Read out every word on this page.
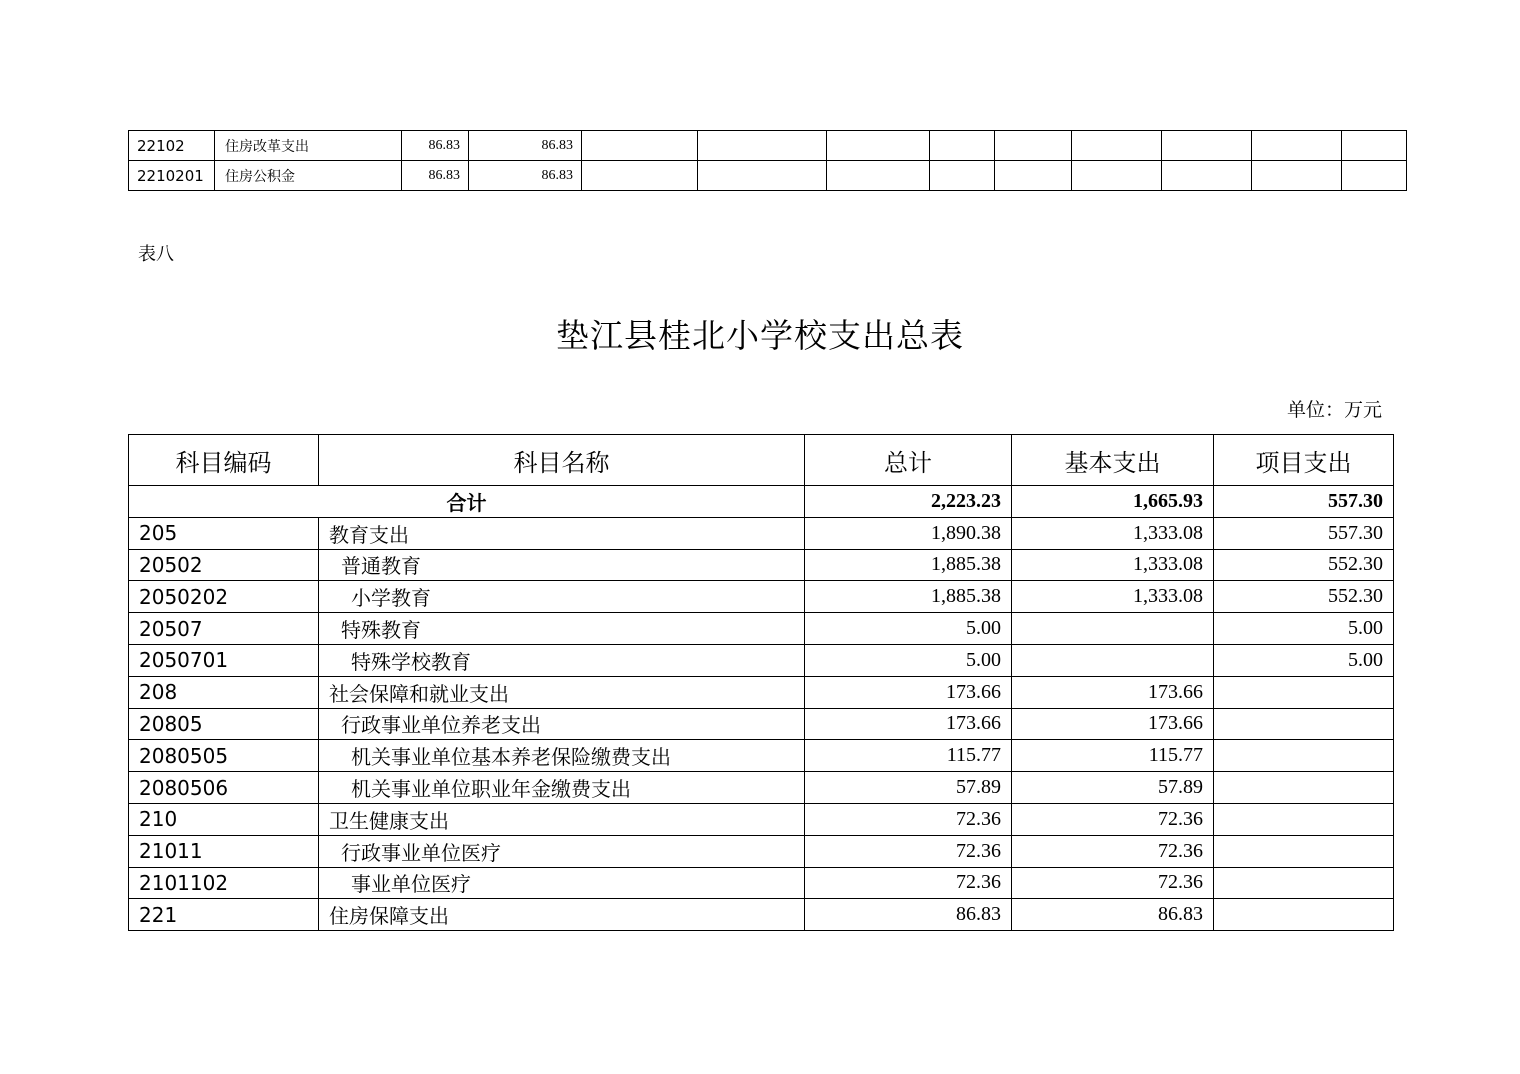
22102	住房改革支出	86.83	86.83									
2210201	住房公积金	86.83	86.83									
表八
垫江县桂北小学校支出总表
单位：万元
科目编码	科目名称	总计	基本支出	项目支出
合计		2,223.23	1,665.93	557.30
205	教育支出	1,890.38	1,333.08	557.30
20502	普通教育	1,885.38	1,333.08	552.30
2050202	小学教育	1,885.38	1,333.08	552.30
20507	特殊教育	5.00		5.00
2050701	特殊学校教育	5.00		5.00
208	社会保障和就业支出	173.66	173.66	
20805	行政事业单位养老支出	173.66	173.66	
2080505	机关事业单位基本养老保险缴费支出	115.77	115.77	
2080506	机关事业单位职业年金缴费支出	57.89	57.89	
210	卫生健康支出	72.36	72.36	
21011	行政事业单位医疗	72.36	72.36	
2101102	事业单位医疗	72.36	72.36	
221	住房保障支出	86.83	86.83	
